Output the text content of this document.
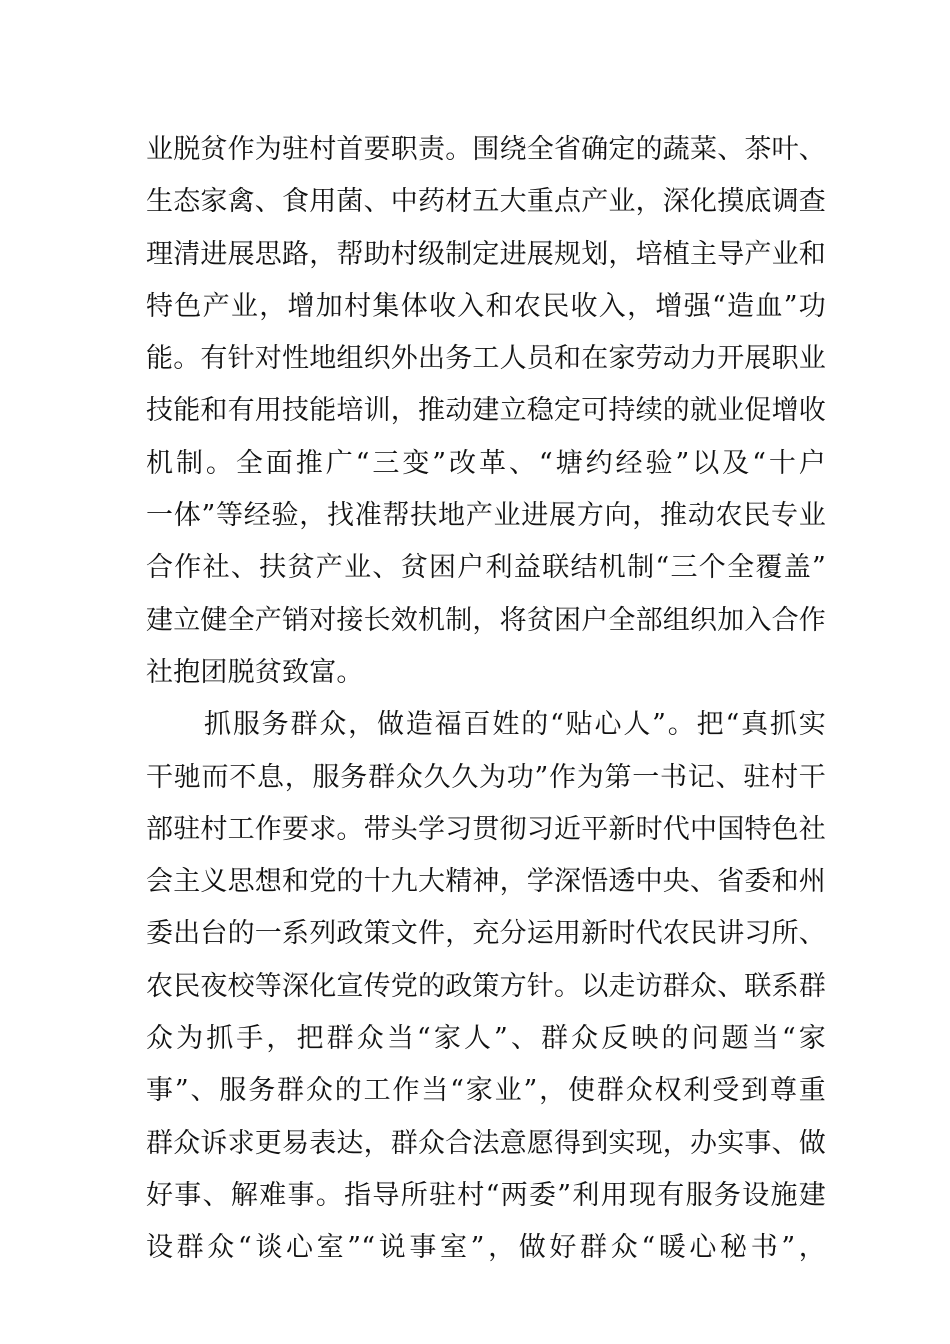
业脱贫作为驻村首要职责。围绕全省确定的蔬菜、茶叶、
生态家禽、食用菌、中药材五大重点产业，深化摸底调查
理清进展思路，帮助村级制定进展规划，培植主导产业和
特色产业，增加村集体收入和农民收入，增强“造血”功
能。有针对性地组织外出务工人员和在家劳动力开展职业
技能和有用技能培训，推动建立稳定可持续的就业促增收
机制。全面推广“三变”改革、“塘约经验”以及“十户
一体”等经验，找准帮扶地产业进展方向，推动农民专业
合作社、扶贫产业、贫困户利益联结机制“三个全覆盖”
建立健全产销对接长效机制，将贫困户全部组织加入合作
社抱团脱贫致富。
抓服务群众，做造福百姓的“贴心人”。把“真抓实
干驰而不息，服务群众久久为功”作为第一书记、驻村干
部驻村工作要求。带头学习贯彻习近平新时代中国特色社
会主义思想和党的十九大精神，学深悟透中央、省委和州
委出台的一系列政策文件，充分运用新时代农民讲习所、
农民夜校等深化宣传党的政策方针。以走访群众、联系群
众为抓手，把群众当“家人”、群众反映的问题当“家
事”、服务群众的工作当“家业”，使群众权利受到尊重
群众诉求更易表达，群众合法意愿得到实现，办实事、做
好事、解难事。指导所驻村“两委”利用现有服务设施建
设群众“谈心室”“说事室”，做好群众“暖心秘书”，
